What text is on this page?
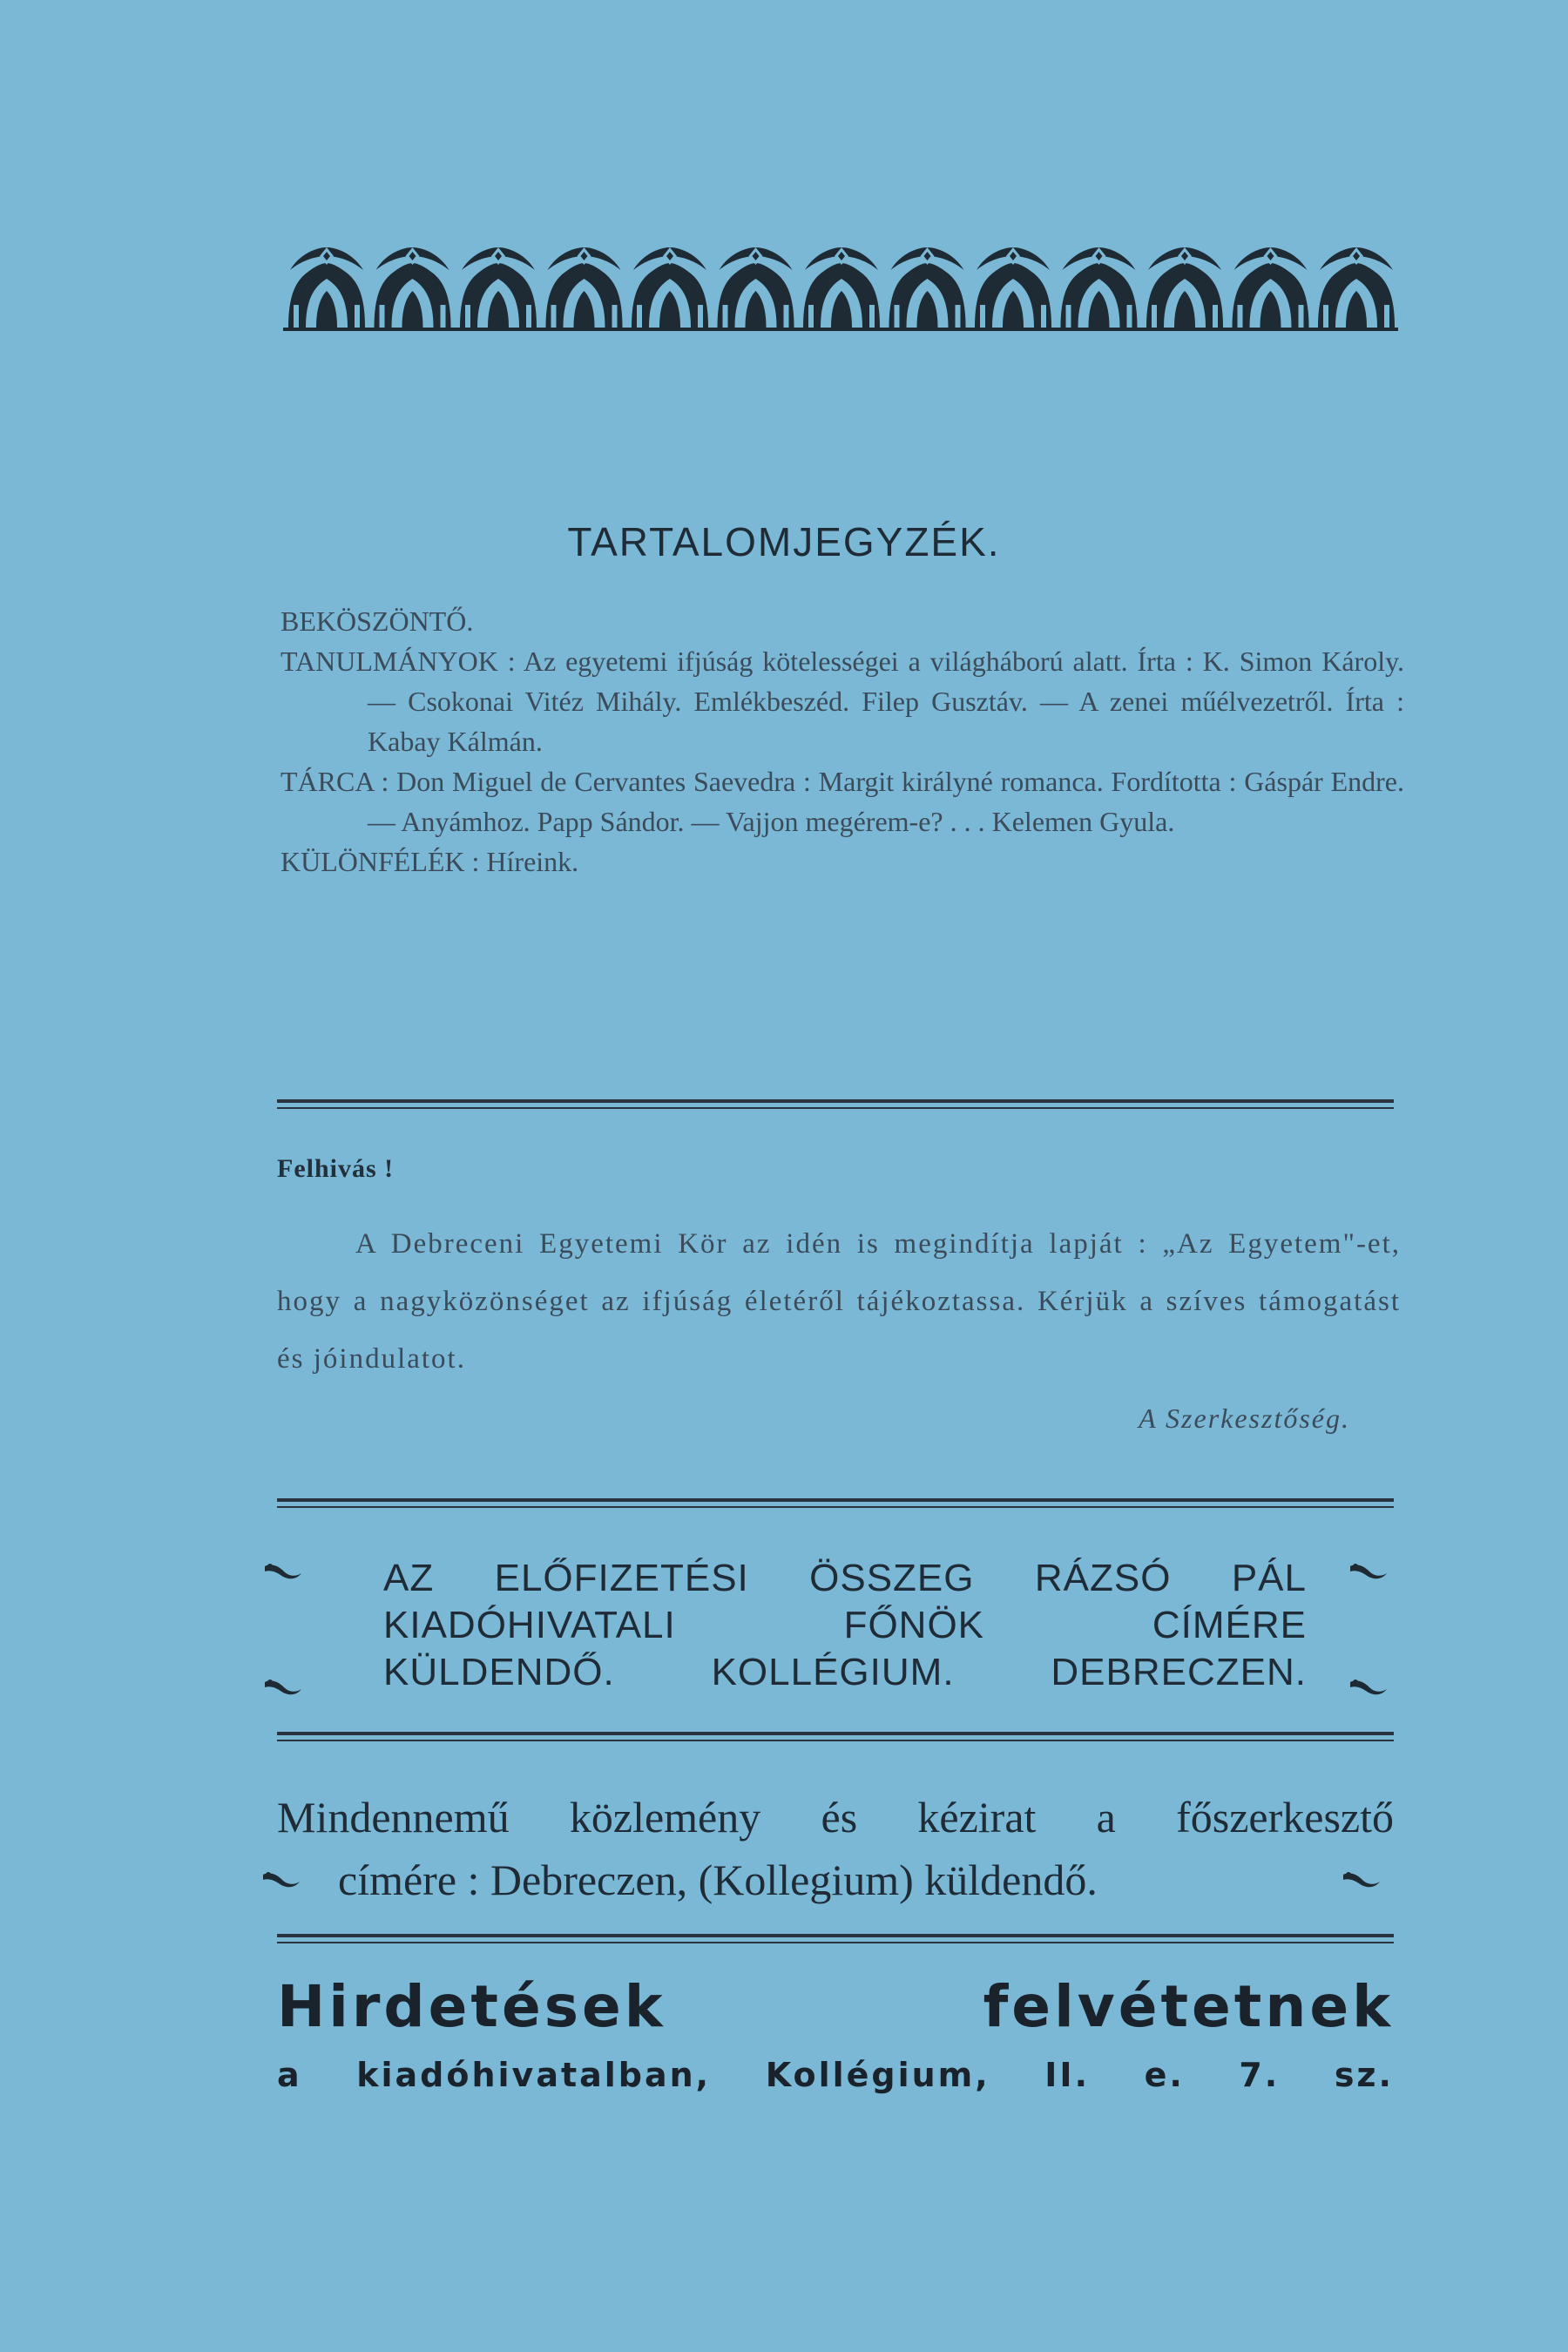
TARTALOMJEGYZÉK.
BEKÖSZÖNTŐ.
TANULMÁNYOK : Az egyetemi ifjúság kötelességei a világháború alatt. Írta : K. Simon Károly. — Csokonai Vitéz Mihály. Emlékbeszéd. Filep Gusztáv. — A zenei műélvezetről. Írta : Kabay Kálmán.
TÁRCA : Don Miguel de Cervantes Saevedra : Margit királyné romanca. Fordította : Gáspár Endre. — Anyámhoz. Papp Sándor. — Vajjon megérem-e? . . . Kelemen Gyula.
KÜLÖNFÉLÉK : Híreink.
Felhivás !
A Debreceni Egyetemi Kör az idén is megindítja lapját : „Az Egyetem"-et, hogy a nagyközönséget az ifjúság életéről tájékoztassa. Kérjük a szíves támogatást és jóindulatot.
A Szerkesztőség.
AZ ELŐFIZETÉSI ÖSSZEG RÁZSÓ PÁL
KIADÓHIVATALI FŐNÖK CÍMÉRE
KÜLDENDŐ. KOLLÉGIUM. DEBRECZEN.
Mindennemű közlemény és kézirat a főszerkesztő
címére : Debreczen, (Kollegium) küldendő.
Hirdetések felvétetnek
a kiadóhivatalban, Kollégium, II. e. 7. sz.
